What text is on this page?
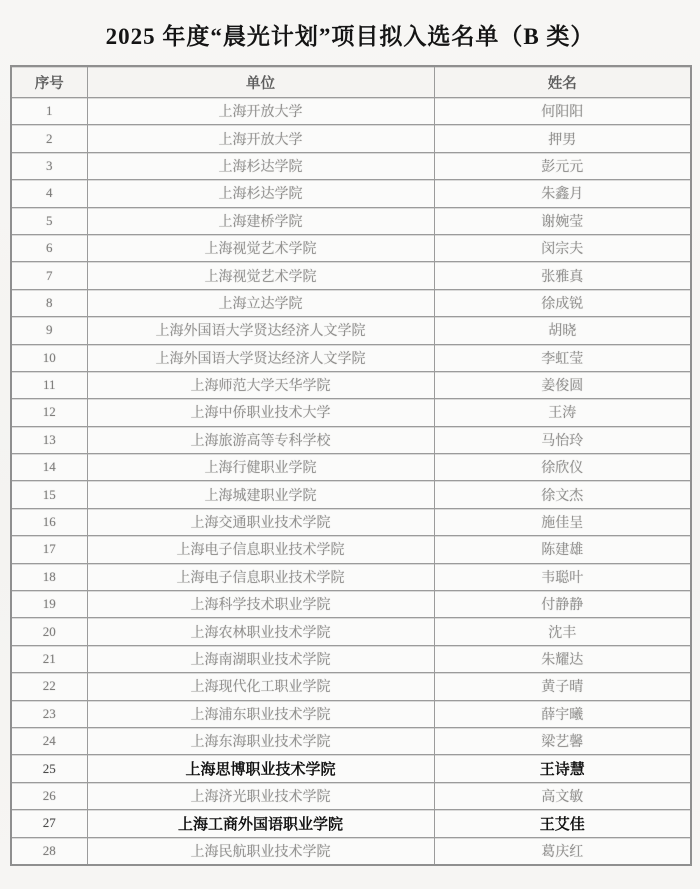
2025 年度“晨光计划”项目拟入选名单（B 类）
序号	单位	姓名
1	上海开放大学	何阳阳
2	上海开放大学	押男
3	上海杉达学院	彭元元
4	上海杉达学院	朱鑫月
5	上海建桥学院	谢婉莹
6	上海视觉艺术学院	闵宗夫
7	上海视觉艺术学院	张雅真
8	上海立达学院	徐成锐
9	上海外国语大学贤达经济人文学院	胡晓
10	上海外国语大学贤达经济人文学院	李虹莹
11	上海师范大学天华学院	姜俊圆
12	上海中侨职业技术大学	王涛
13	上海旅游高等专科学校	马怡玲
14	上海行健职业学院	徐欣仪
15	上海城建职业学院	徐文杰
16	上海交通职业技术学院	施佳呈
17	上海电子信息职业技术学院	陈建雄
18	上海电子信息职业技术学院	韦聪叶
19	上海科学技术职业学院	付静静
20	上海农林职业技术学院	沈丰
21	上海南湖职业技术学院	朱耀达
22	上海现代化工职业学院	黄子晴
23	上海浦东职业技术学院	薛宇曦
24	上海东海职业技术学院	梁艺馨
25	上海思博职业技术学院	王诗慧
26	上海济光职业技术学院	高文敏
27	上海工商外国语职业学院	王艾佳
28	上海民航职业技术学院	葛庆红
